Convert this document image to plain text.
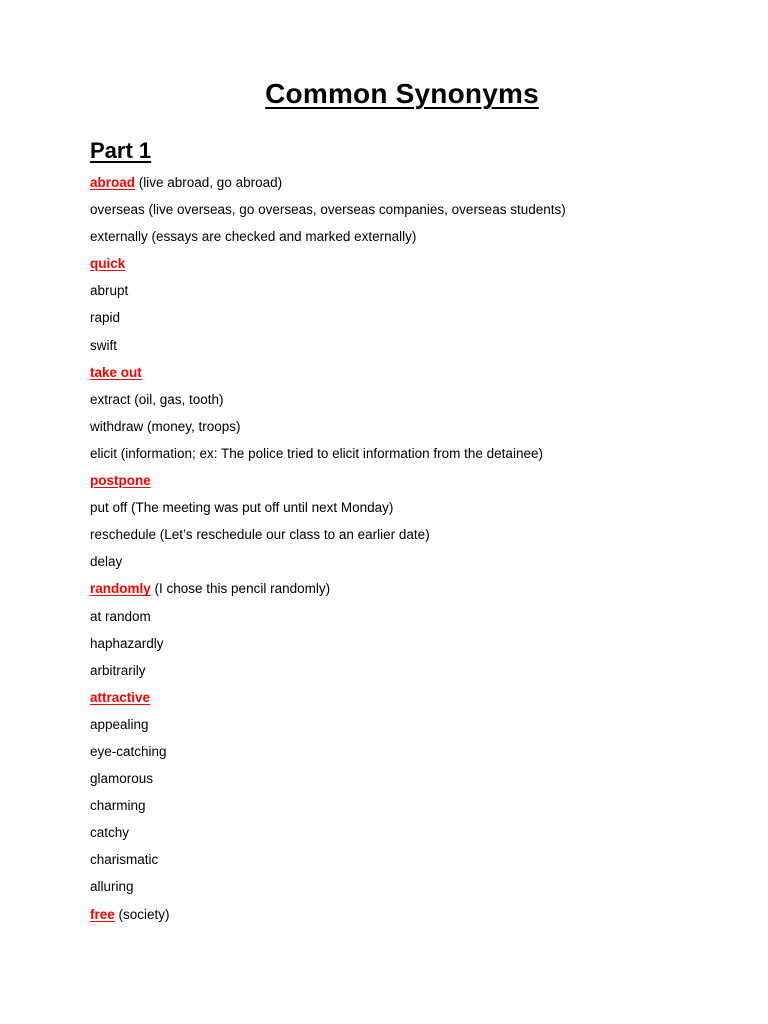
Common Synonyms
Part 1
abroad (live abroad, go abroad)
overseas (live overseas, go overseas, overseas companies, overseas students)
externally (essays are checked and marked externally)
quick
abrupt
rapid
swift
take out
extract (oil, gas, tooth)
withdraw (money, troops)
elicit (information; ex: The police tried to elicit information from the detainee)
postpone
put off (The meeting was put off until next Monday)
reschedule (Let’s reschedule our class to an earlier date)
delay
randomly (I chose this pencil randomly)
at random
haphazardly
arbitrarily
attractive
appealing
eye-catching
glamorous
charming
catchy
charismatic
alluring
free (society)
